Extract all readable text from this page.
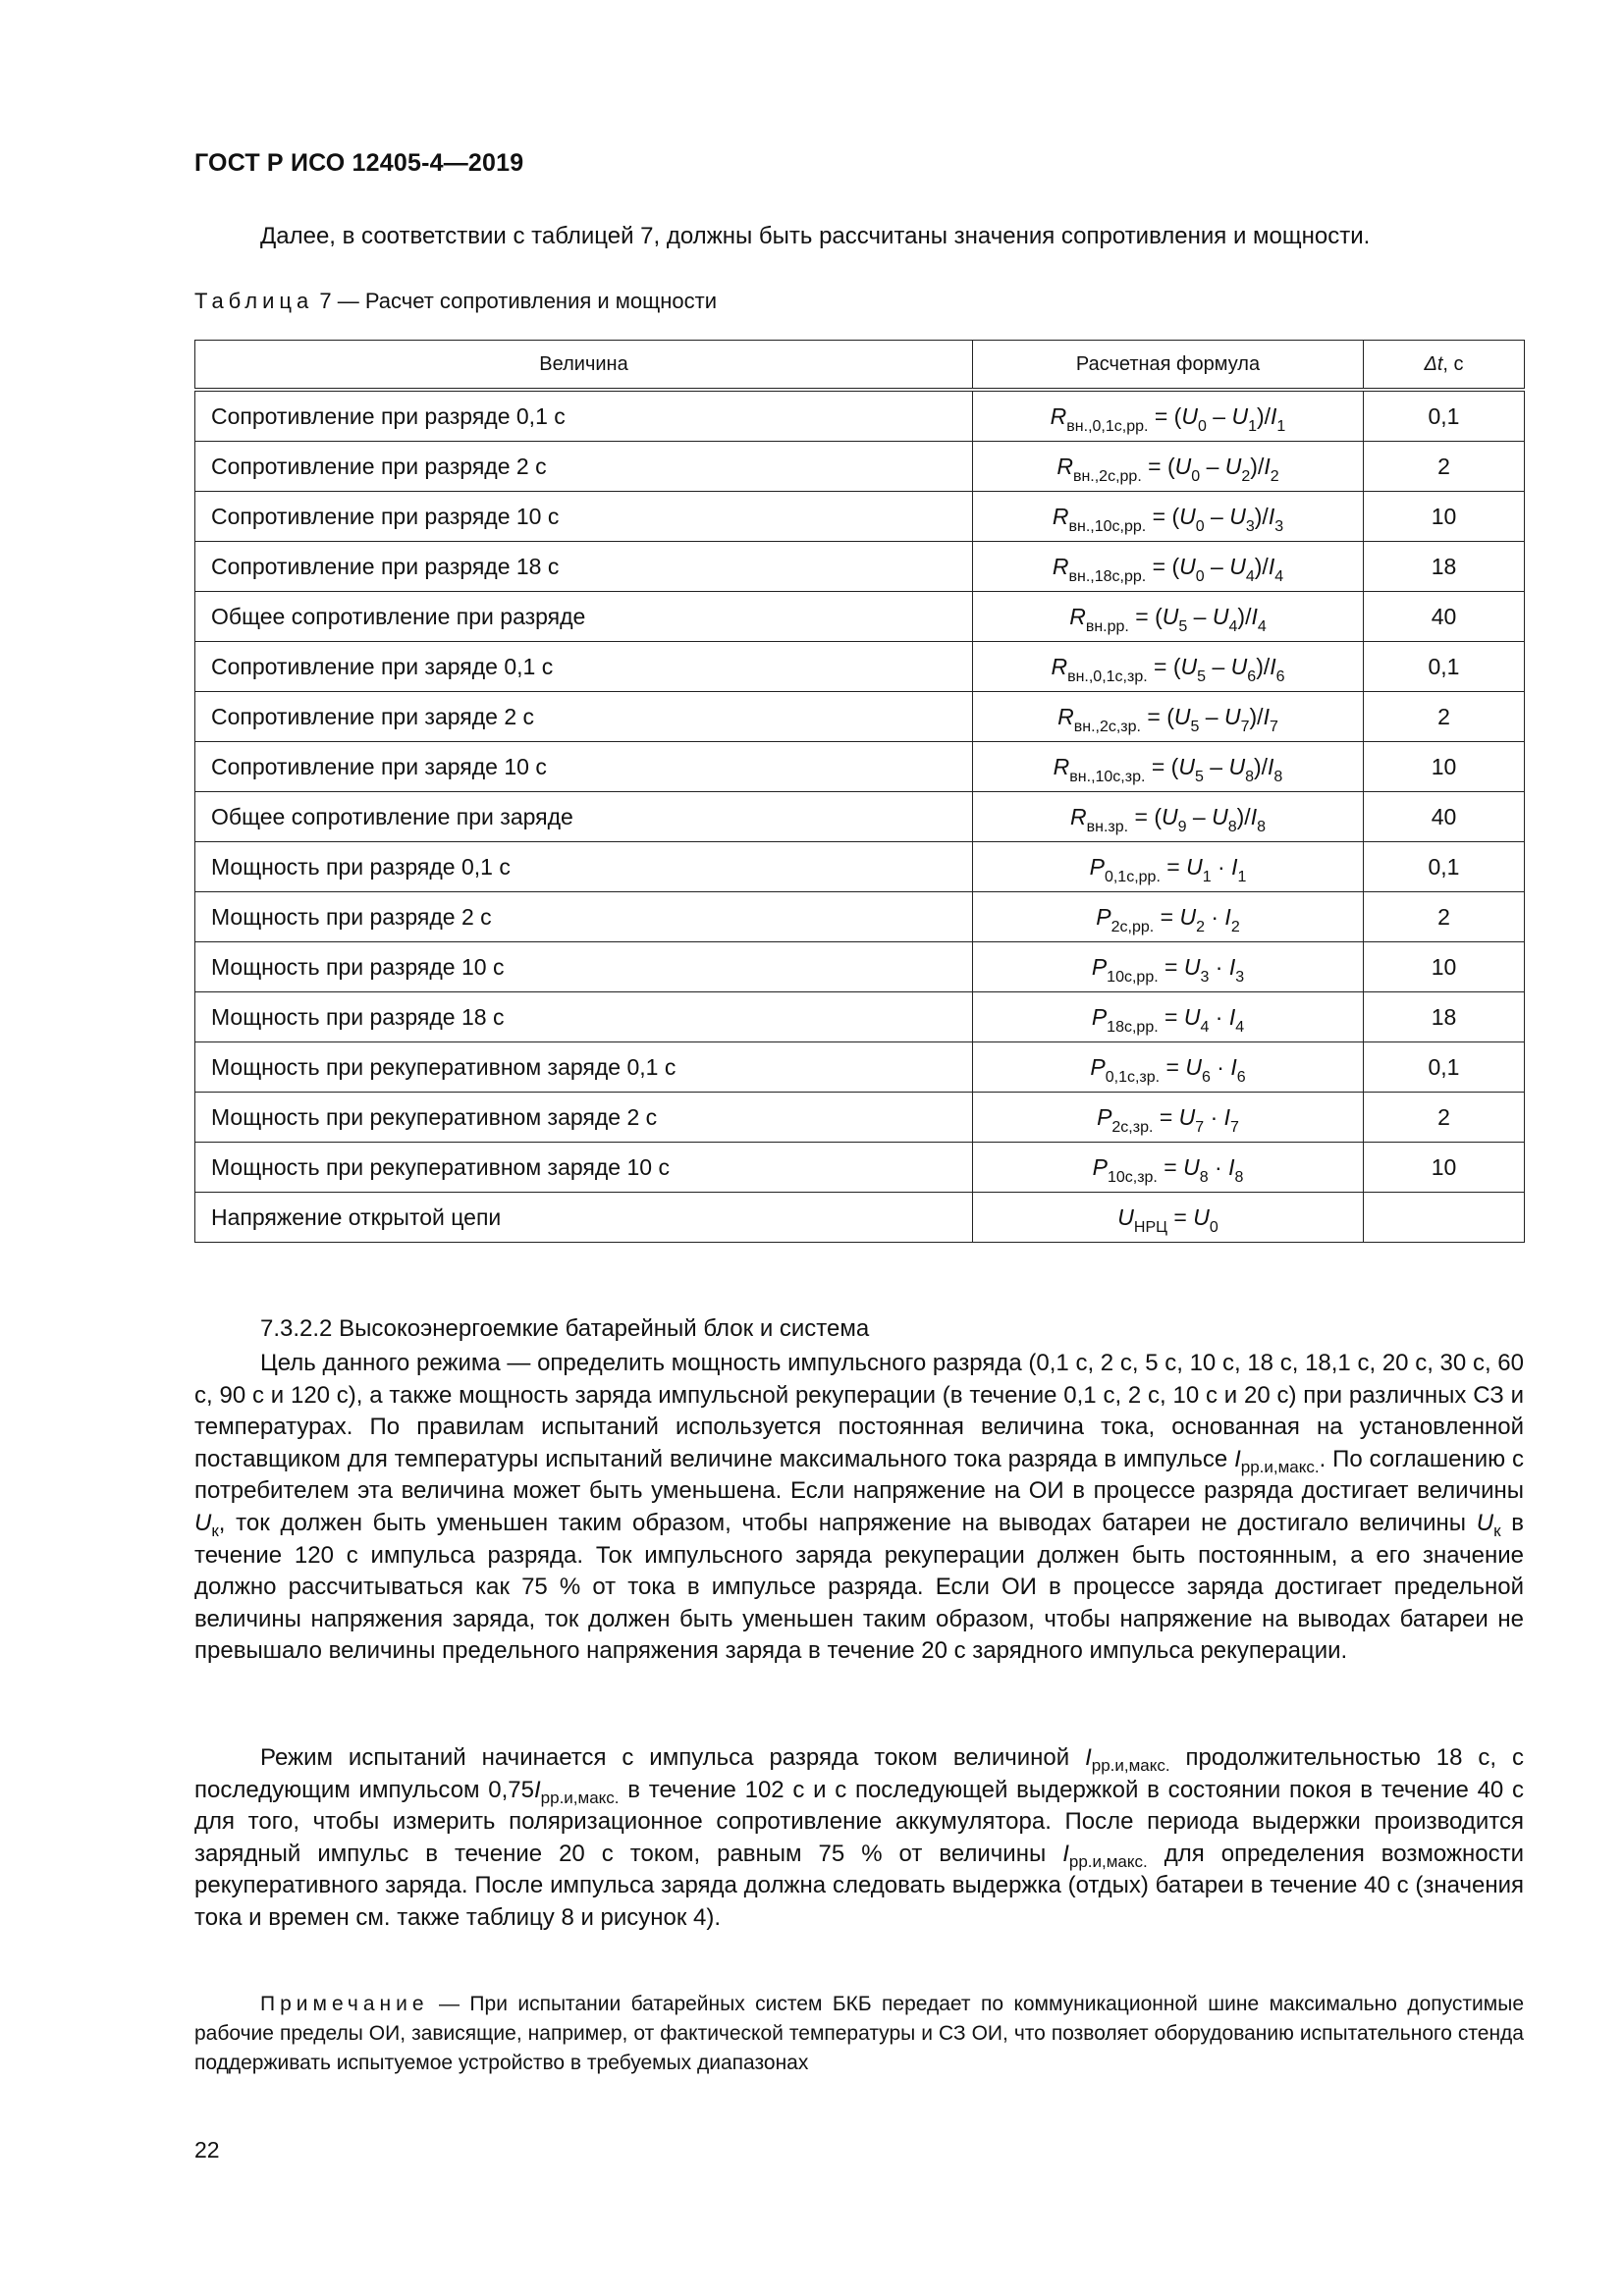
ГОСТ Р ИСО 12405-4—2019
Далее, в соответствии с таблицей 7, должны быть рассчитаны значения сопротивления и мощности.
Таблица 7 — Расчет сопротивления и мощности
Величина	Расчетная формула	Δt, с
Сопротивление при разряде 0,1 с	$R_{вн.,0,1с,рр.} = (U_0 - U_1)/I_1$	0,1
Сопротивление при разряде 2 с	$R_{вн.,2с,рр.} = (U_0 - U_2)/I_2$	2
Сопротивление при разряде 10 с	$R_{вн.,10с,рр.} = (U_0 - U_3)/I_3$	10
Сопротивление при разряде 18 с	$R_{вн.,18с,рр.} = (U_0 - U_4)/I_4$	18
Общее сопротивление при разряде	$R_{вн.рр.} = (U_5 - U_4)/I_4$	40
Сопротивление при заряде 0,1 с	$R_{вн.,0,1с,зр.} = (U_5 - U_6)/I_6$	0,1
Сопротивление при заряде 2 с	$R_{вн.,2с,зр.} = (U_5 - U_7)/I_7$	2
Сопротивление при заряде 10 с	$R_{вн.,10с,зр.} = (U_5 - U_8)/I_8$	10
Общее сопротивление при заряде	$R_{вн.зр.} = (U_9 - U_8)/I_8$	40
Мощность при разряде 0,1 с	$P_{0,1с,рр.} = U_1 \cdot I_1$	0,1
Мощность при разряде 2 с	$P_{2с,рр.} = U_2 \cdot I_2$	2
Мощность при разряде 10 с	$P_{10с,рр.} = U_3 \cdot I_3$	10
Мощность при разряде 18 с	$P_{18с,рр.} = U_4 \cdot I_4$	18
Мощность при рекуперативном заряде 0,1 с	$P_{0,1с,зр.} = U_6 \cdot I_6$	0,1
Мощность при рекуперативном заряде 2 с	$P_{2с,зр.} = U_7 \cdot I_7$	2
Мощность при рекуперативном заряде 10 с	$P_{10с,зр.} = U_8 \cdot I_8$	10
Напряжение открытой цепи	$U_{НРЦ} = U_0$	
7.3.2.2 Высокоэнергоемкие батарейный блок и система
Цель данного режима — определить мощность импульсного разряда (0,1 с, 2 с, 5 с, 10 с, 18 с, 18,1 с, 20 с, 30 с, 60 с, 90 с и 120 с), а также мощность заряда импульсной рекуперации (в течение 0,1 с, 2 с, 10 с и 20 с) при различных СЗ и температурах. По правилам испытаний используется постоянная величина тока, основанная на установленной поставщиком для температуры испытаний величине максимального тока разряда в импульсе $I_{рр.и,макс.}$. По соглашению с потребителем эта величина может быть уменьшена. Если напряжение на ОИ в процессе разряда достигает величины $U_к$, ток должен быть уменьшен таким образом, чтобы напряжение на выводах батареи не достигало величины $U_к$ в течение 120 с импульса разряда. Ток импульсного заряда рекуперации должен быть постоянным, а его значение должно рассчитываться как 75 % от тока в импульсе разряда. Если ОИ в процессе заряда достигает предельной величины напряжения заряда, ток должен быть уменьшен таким образом, чтобы напряжение на выводах батареи не превышало величины предельного напряжения заряда в течение 20 с зарядного импульса рекуперации.
Режим испытаний начинается с импульса разряда током величиной $I_{рр.и,макс.}$ продолжительностью 18 с, с последующим импульсом $0,75I_{рр.и,макс.}$ в течение 102 с и с последующей выдержкой в состоянии покоя в течение 40 с для того, чтобы измерить поляризационное сопротивление аккумулятора. После периода выдержки производится зарядный импульс в течение 20 с током, равным 75 % от величины $I_{рр.и,макс.}$ для определения возможности рекуперативного заряда. После импульса заряда должна следовать выдержка (отдых) батареи в течение 40 с (значения тока и времен см. также таблицу 8 и рисунок 4).
Примечание — При испытании батарейных систем БКБ передает по коммуникационной шине максимально допустимые рабочие пределы ОИ, зависящие, например, от фактической температуры и СЗ ОИ, что позволяет оборудованию испытательного стенда поддерживать испытуемое устройство в требуемых диапазонах
22
